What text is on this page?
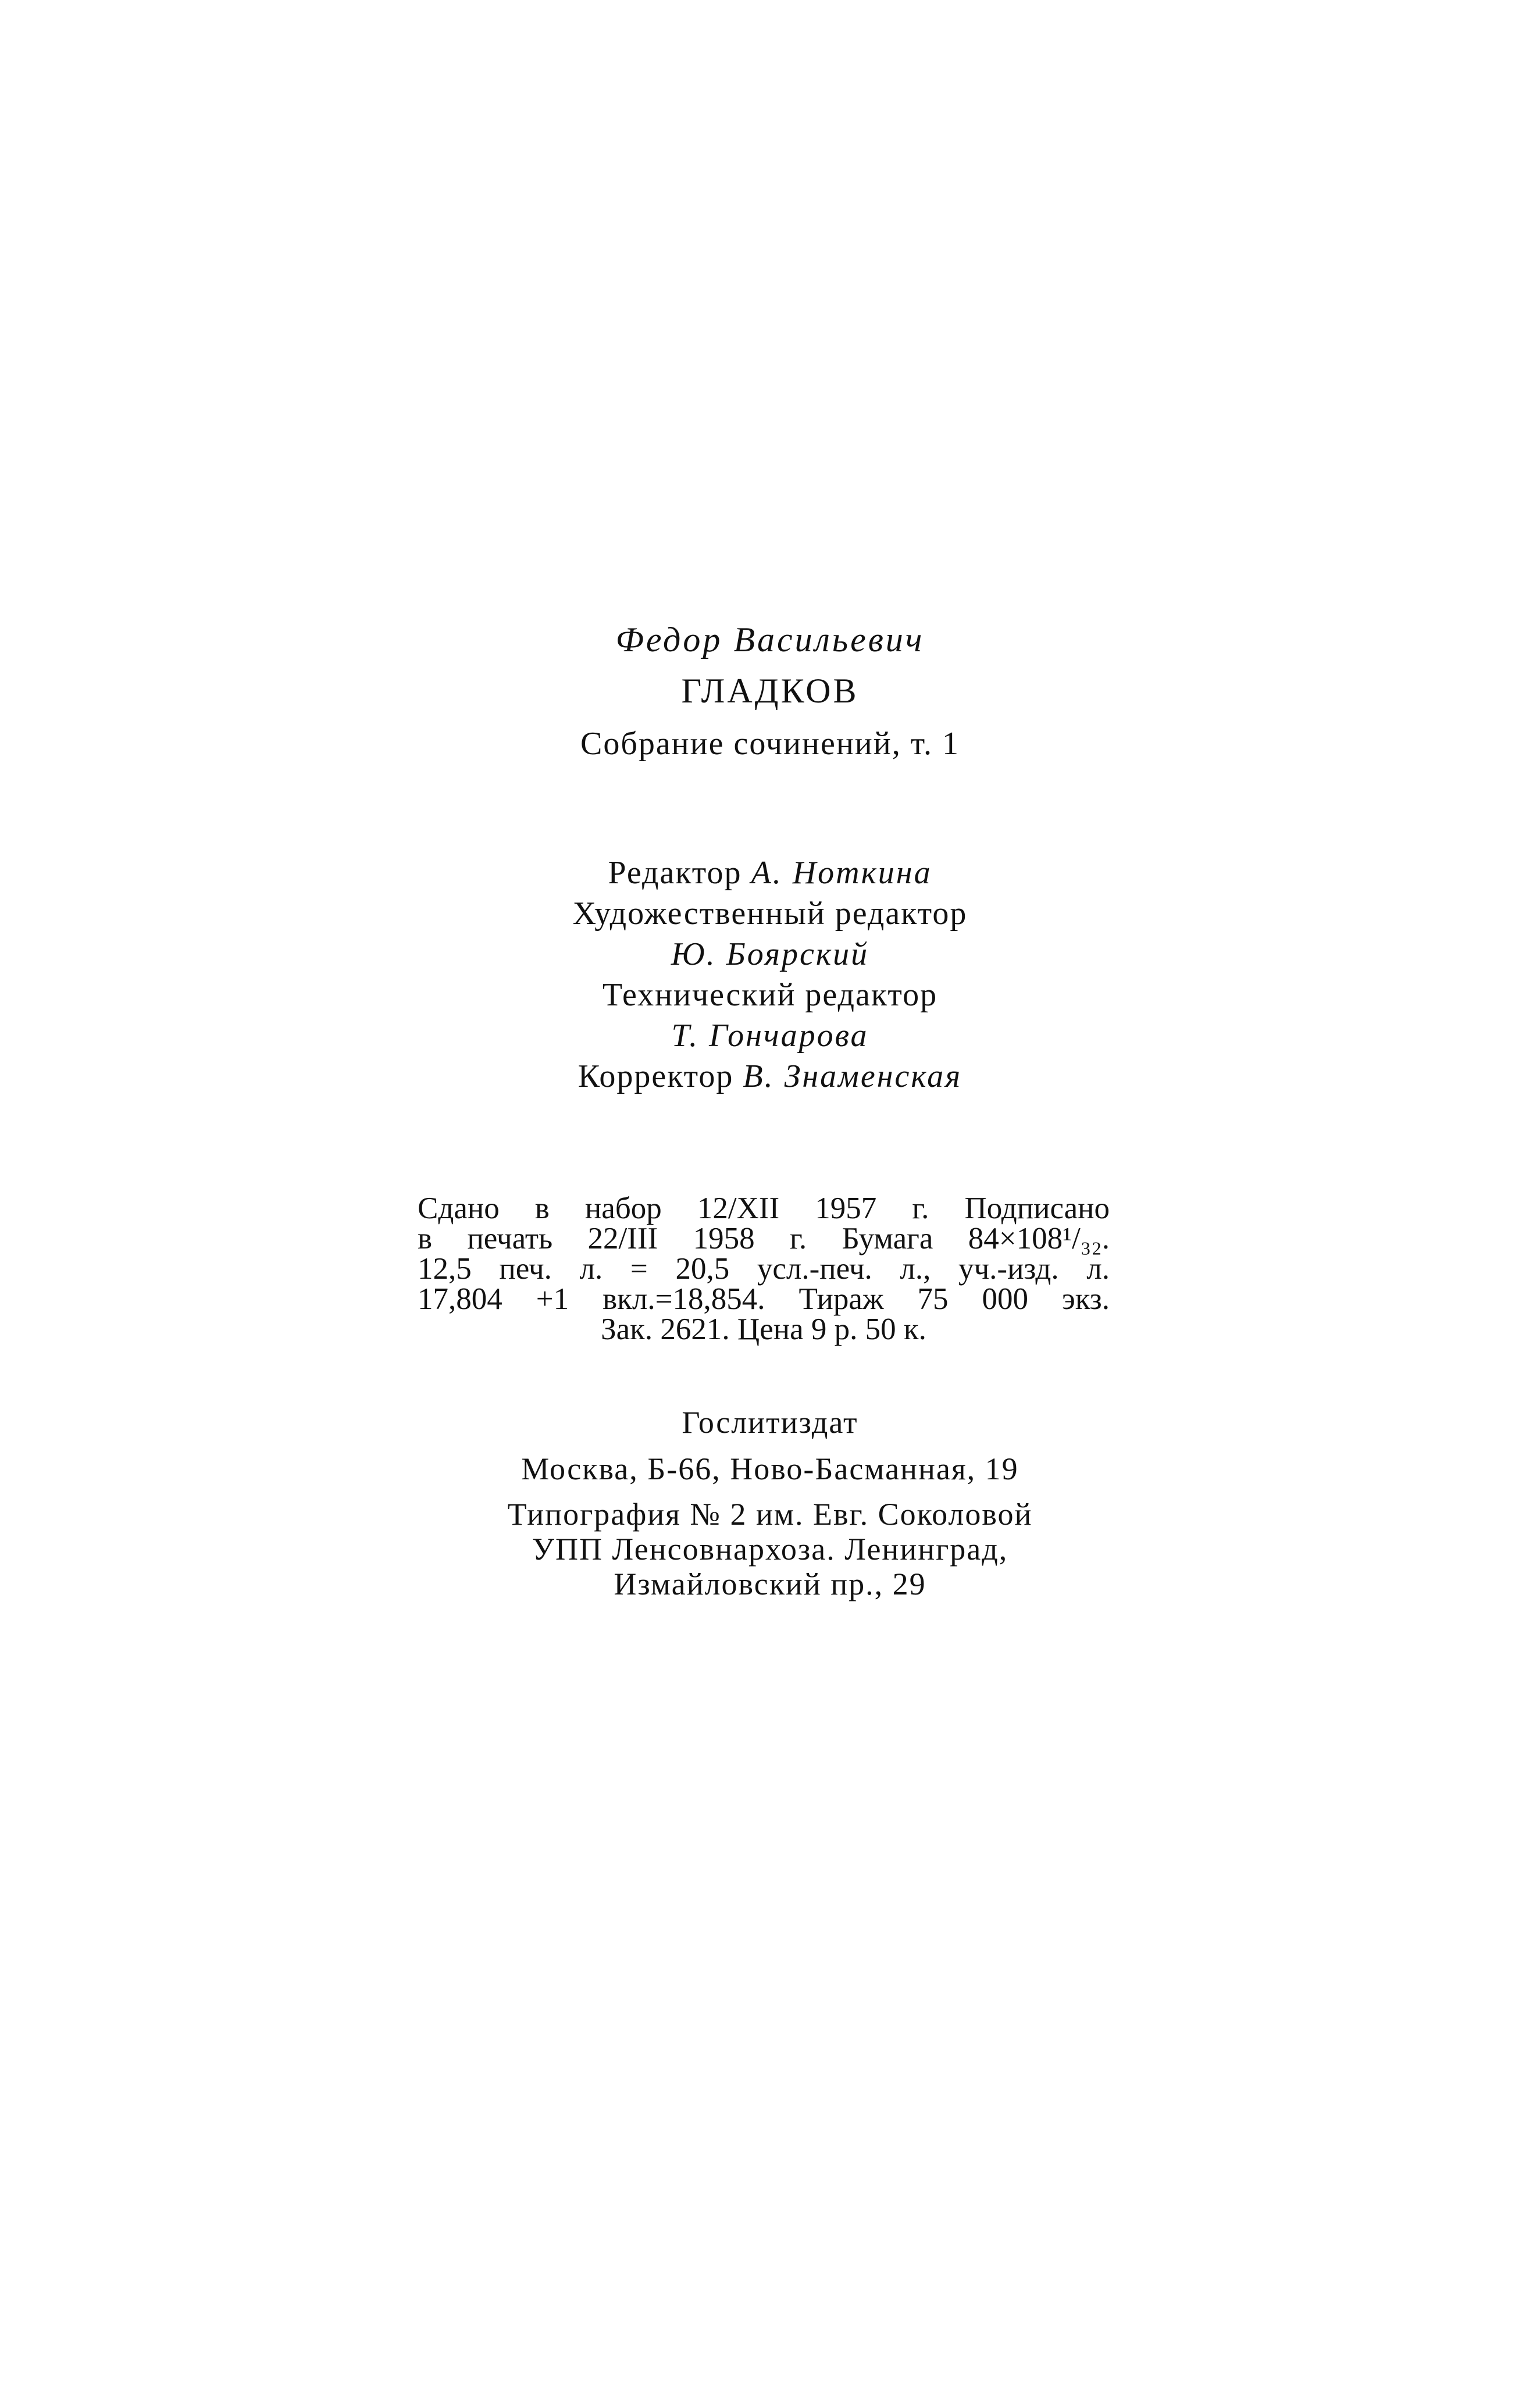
Федор Васильевич
ГЛАДКОВ
Собрание сочинений, т. 1
Редактор А. Ноткина
Художественный редактор
Ю. Боярский
Технический редактор
Т. Гончарова
Корректор В. Знаменская
Сдано в набор 12/XII 1957 г. Подписано
в печать 22/III 1958 г. Бумага 84×108¹/₃₂.
12,5 печ. л. = 20,5 усл.-печ. л., уч.-изд. л.
17,804 +1 вкл.=18,854. Тираж 75 000 экз.
Зак. 2621. Цена 9 р. 50 к.
Гослитиздат
Москва, Б-66, Ново-Басманная, 19
Типография № 2 им. Евг. Соколовой
УПП Ленсовнархоза. Ленинград,
Измайловский пр., 29
